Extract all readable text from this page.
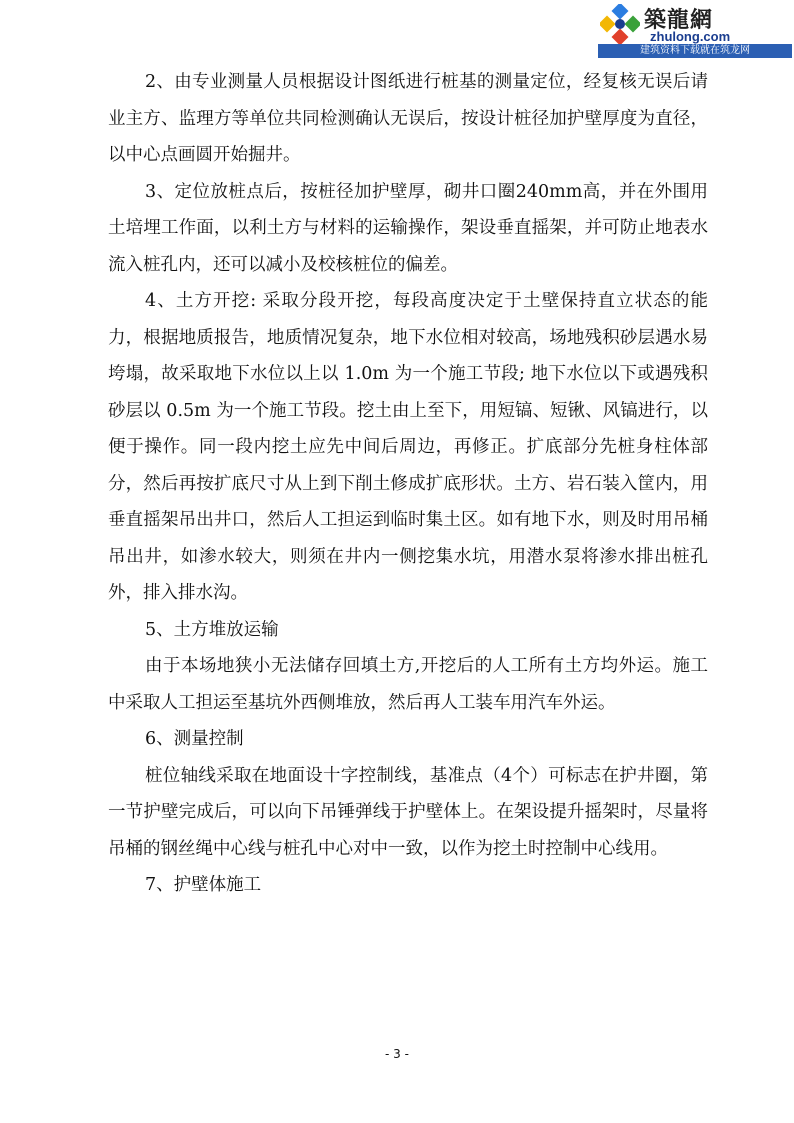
築龍網
zhulong.com
建筑资料下载就在筑龙网

2、由专业测量人员根据设计图纸进行桩基的测量定位，经复核无误后请业主方、监理方等单位共同检测确认无误后，按设计桩径加护壁厚度为直径，以中心点画圆开始掘井。

3、定位放桩点后，按桩径加护壁厚，砌井口圈240mm高，并在外围用土培埋工作面，以利土方与材料的运输操作，架设垂直摇架，并可防止地表水流入桩孔内，还可以减小及校核桩位的偏差。

4、土方开挖: 采取分段开挖，每段高度决定于土壁保持直立状态的能力，根据地质报告，地质情况复杂，地下水位相对较高，场地残积砂层遇水易垮塌，故采取地下水位以上以 1.0m 为一个施工节段; 地下水位以下或遇残积砂层以 0.5m 为一个施工节段。挖土由上至下，用短镐、短锹、风镐进行，以便于操作。同一段内挖土应先中间后周边，再修正。扩底部分先桩身柱体部分，然后再按扩底尺寸从上到下削土修成扩底形状。土方、岩石装入筐内，用垂直摇架吊出井口，然后人工担运到临时集土区。如有地下水，则及时用吊桶吊出井，如渗水较大，则须在井内一侧挖集水坑，用潜水泵将渗水排出桩孔外，排入排水沟。

5、土方堆放运输

由于本场地狭小无法储存回填土方,开挖后的人工所有土方均外运。施工中采取人工担运至基坑外西侧堆放，然后再人工装车用汽车外运。

6、测量控制

桩位轴线采取在地面设十字控制线，基准点（4个）可标志在护井圈，第一节护壁完成后，可以向下吊锤弹线于护壁体上。在架设提升摇架时，尽量将吊桶的钢丝绳中心线与桩孔中心对中一致，以作为挖土时控制中心线用。

7、护壁体施工

- 3 -
